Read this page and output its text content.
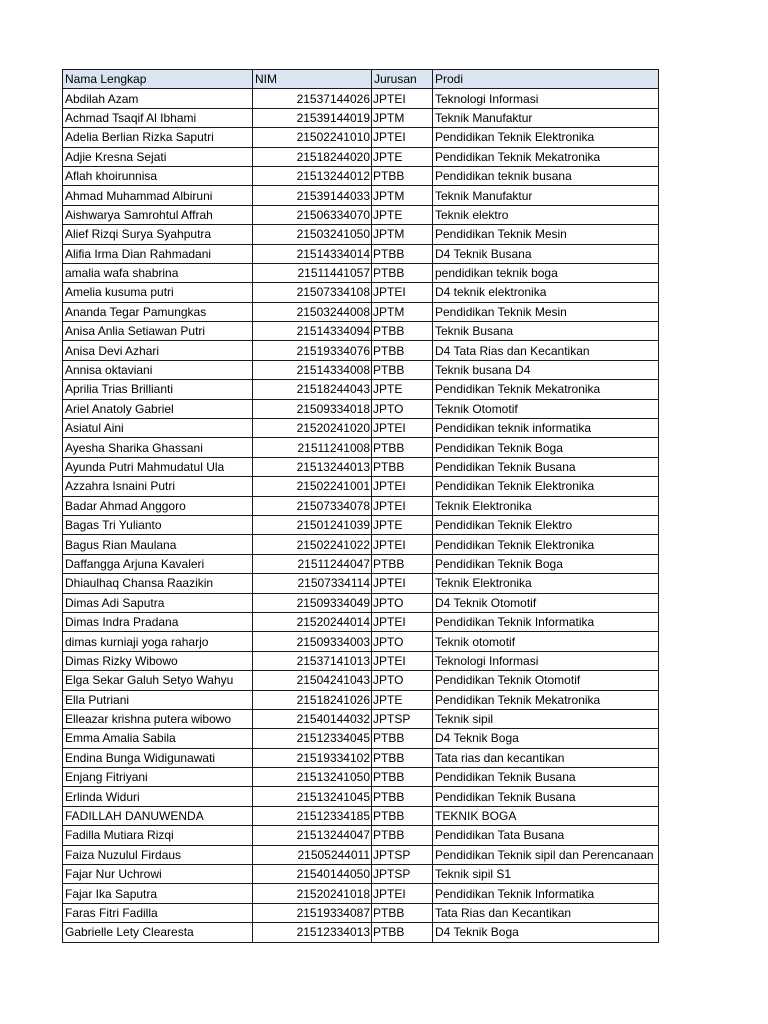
Nama Lengkap	NIM	Jurusan	Prodi
Abdilah Azam	21537144026	JPTEI	Teknologi Informasi
Achmad Tsaqif Al Ibhami	21539144019	JPTM	Teknik Manufaktur
Adelia Berlian Rizka Saputri	21502241010	JPTEI	Pendidikan Teknik Elektronika
Adjie Kresna Sejati	21518244020	JPTE	Pendidikan Teknik Mekatronika
Aflah khoirunnisa	21513244012	PTBB	Pendidikan teknik busana
Ahmad Muhammad Albiruni	21539144033	JPTM	Teknik Manufaktur
Aishwarya Samrohtul Affrah	21506334070	JPTE	Teknik elektro
Alief Rizqi Surya Syahputra	21503241050	JPTM	Pendidikan Teknik Mesin
Alifia Irma Dian Rahmadani	21514334014	PTBB	D4 Teknik Busana
amalia wafa shabrina	21511441057	PTBB	pendidikan teknik boga
Amelia kusuma putri	21507334108	JPTEI	D4 teknik elektronika
Ananda Tegar Pamungkas	21503244008	JPTM	Pendidikan Teknik Mesin
Anisa Anlia Setiawan Putri	21514334094	PTBB	Teknik Busana
Anisa Devi Azhari	21519334076	PTBB	D4 Tata Rias dan Kecantikan
Annisa oktaviani	21514334008	PTBB	Teknik busana D4
Aprilia Trias Brillianti	21518244043	JPTE	Pendidikan Teknik Mekatronika
Ariel Anatoly Gabriel	21509334018	JPTO	Teknik Otomotif
Asiatul Aini	21520241020	JPTEI	Pendidikan teknik informatika
Ayesha Sharika Ghassani	21511241008	PTBB	Pendidikan Teknik Boga
Ayunda Putri Mahmudatul Ula	21513244013	PTBB	Pendidikan Teknik Busana
Azzahra Isnaini Putri	21502241001	JPTEI	Pendidikan Teknik Elektronika
Badar Ahmad Anggoro	21507334078	JPTEI	Teknik Elektronika
Bagas Tri Yulianto	21501241039	JPTE	Pendidikan Teknik Elektro
Bagus Rian Maulana	21502241022	JPTEI	Pendidikan Teknik Elektronika
Daffangga Arjuna Kavaleri	21511244047	PTBB	Pendidikan Teknik Boga
Dhiaulhaq Chansa Raazikin	21507334114	JPTEI	Teknik Elektronika
Dimas Adi Saputra	21509334049	JPTO	D4 Teknik Otomotif
Dimas Indra Pradana	21520244014	JPTEI	Pendidikan Teknik Informatika
dimas kurniaji yoga raharjo	21509334003	JPTO	Teknik otomotif
Dimas Rizky Wibowo	21537141013	JPTEI	Teknologi Informasi
Elga Sekar Galuh Setyo Wahyu	21504241043	JPTO	Pendidikan Teknik Otomotif
Ella Putriani	21518241026	JPTE	Pendidikan Teknik Mekatronika
Elleazar krishna putera wibowo	21540144032	JPTSP	Teknik sipil
Emma Amalia Sabila	21512334045	PTBB	D4 Teknik Boga
Endina Bunga Widigunawati	21519334102	PTBB	Tata rias dan kecantikan
Enjang Fitriyani	21513241050	PTBB	Pendidikan Teknik Busana
Erlinda Widuri	21513241045	PTBB	Pendidikan Teknik Busana
FADILLAH DANUWENDA	21512334185	PTBB	TEKNIK BOGA
Fadilla Mutiara Rizqi	21513244047	PTBB	Pendidikan Tata Busana
Faiza Nuzulul Firdaus	21505244011	JPTSP	Pendidikan Teknik sipil dan Perencanaan
Fajar Nur Uchrowi	21540144050	JPTSP	Teknik sipil S1
Fajar Ika Saputra	21520241018	JPTEI	Pendidikan Teknik Informatika
Faras Fitri Fadilla	21519334087	PTBB	Tata Rias dan Kecantikan
Gabrielle Lety Clearesta	21512334013	PTBB	D4 Teknik Boga
